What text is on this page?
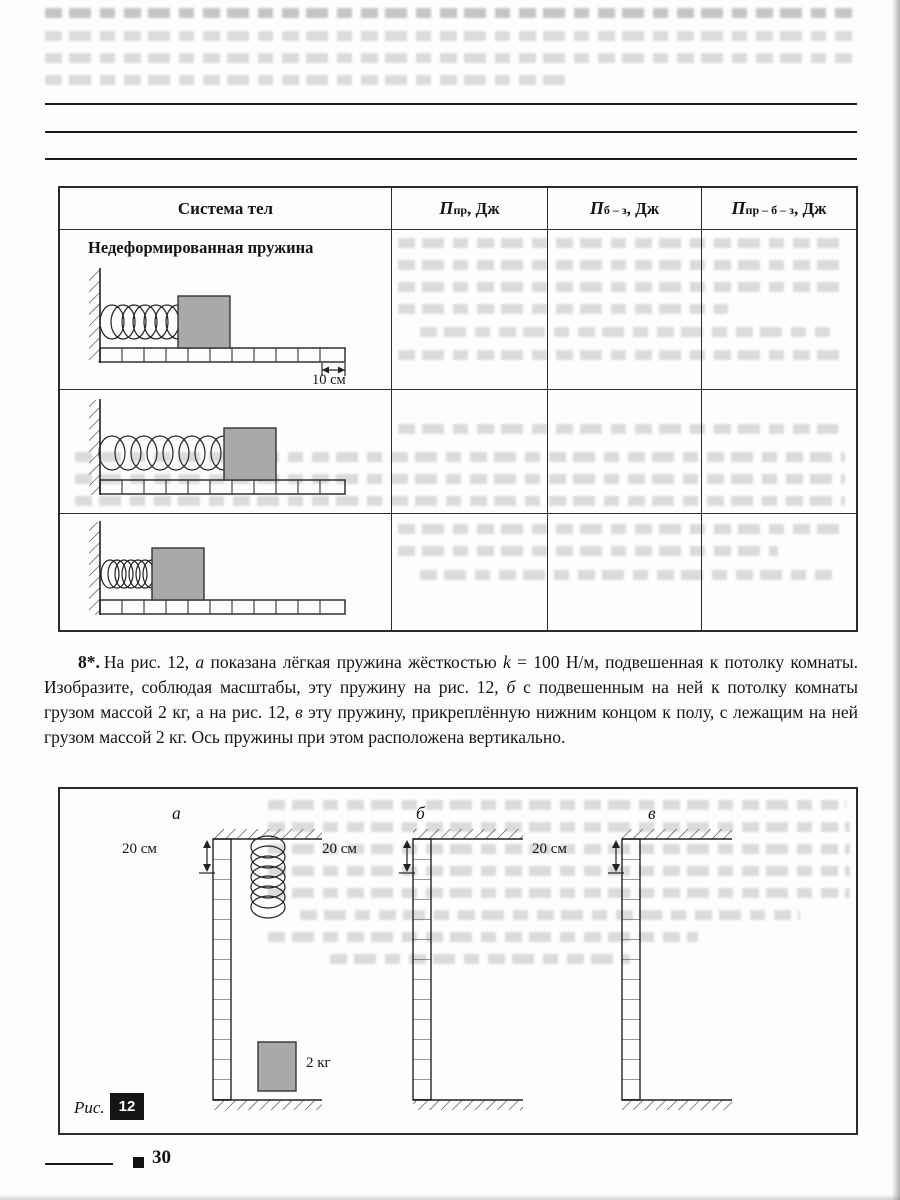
Система тел	$П_{пр}$ , Дж	$П_{б - з}$ , Дж	$П_{пр - б - з}$ , Дж
Недеформированная пружина
10 см

8*. На рис. 12, а показана лёгкая пружина жёсткостью k = 100 Н/м, подвешенная к потолку комнаты. Изобразите, соблюдая масштабы, эту пружину на рис. 12, б с подвешенным на ней к потолку комнаты грузом массой 2 кг, а на рис. 12, в эту пружину, прикреплённую нижним концом к полу, с лежащим на ней грузом массой 2 кг. Ось пружины при этом расположена вертикально.

а	б	в
20 см	20 см	20 см
2 кг
Рис. 12
30
